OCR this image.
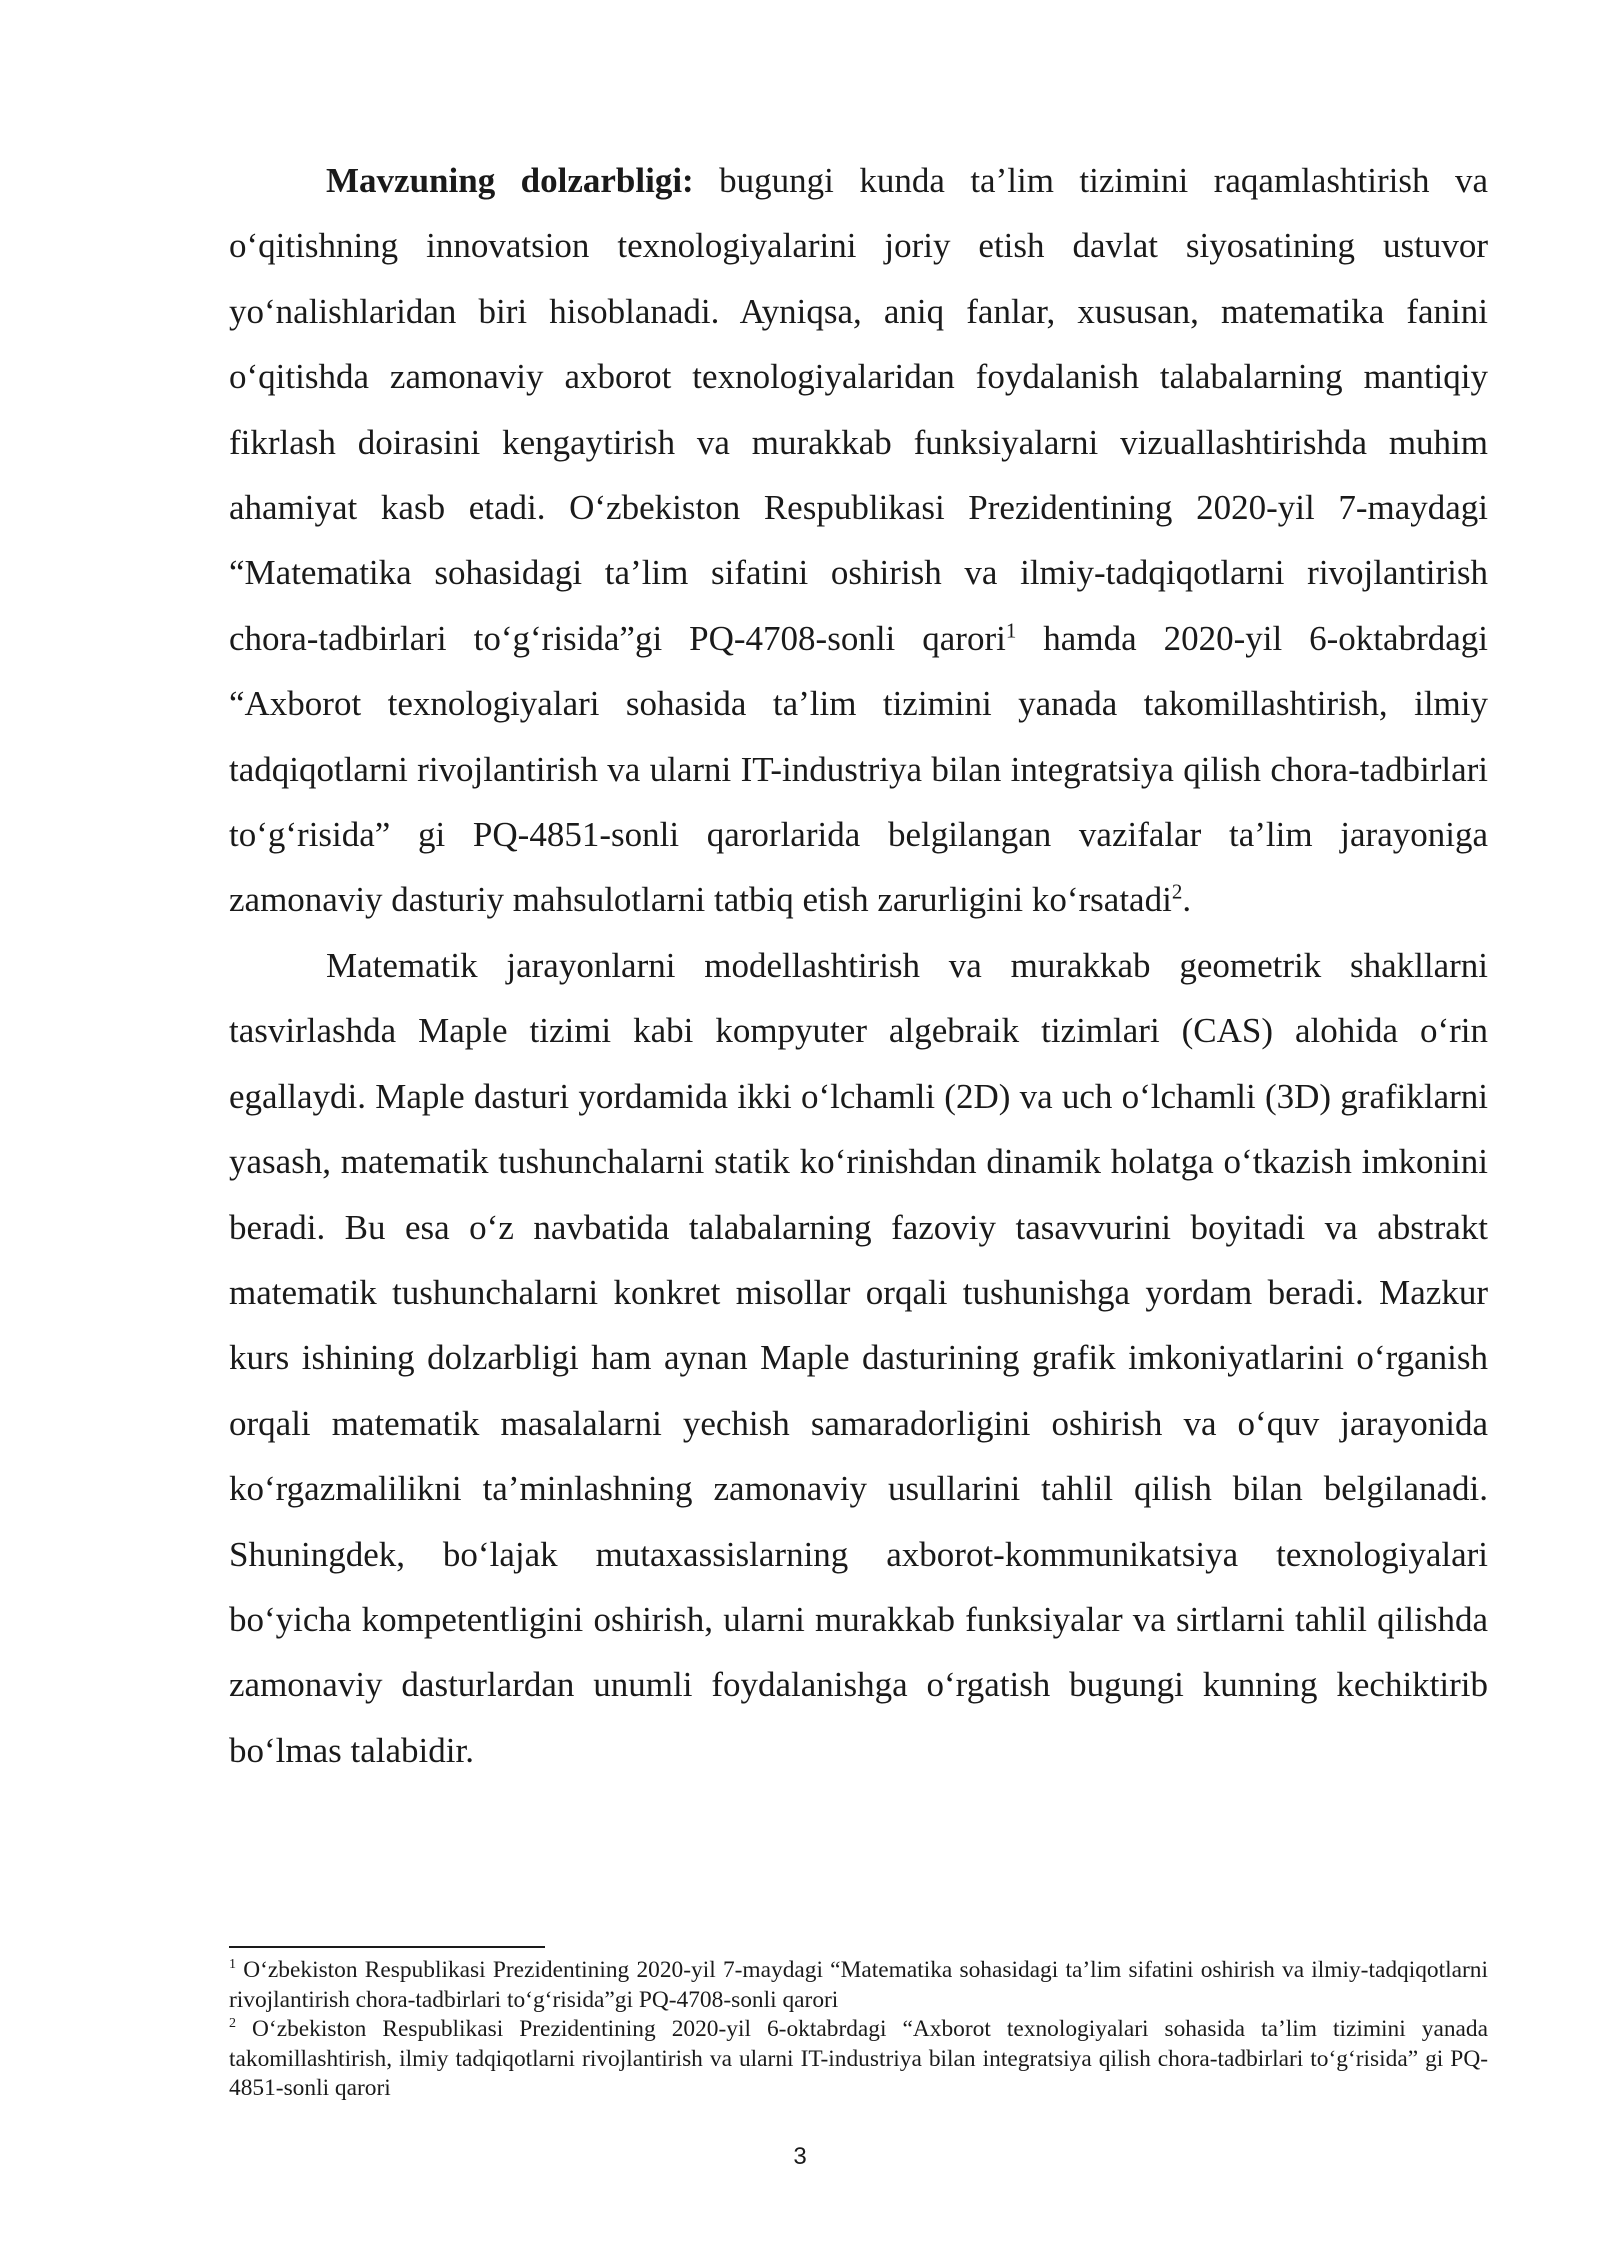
Mavzuning dolzarbligi: bugungi kunda ta’lim tizimini raqamlashtirish va o‘qitishning innovatsion texnologiyalarini joriy etish davlat siyosatining ustuvor yo‘nalishlaridan biri hisoblanadi. Ayniqsa, aniq fanlar, xususan, matematika fanini o‘qitishda zamonaviy axborot texnologiyalaridan foydalanish talabalarning mantiqiy fikrlash doirasini kengaytirish va murakkab funksiyalarni vizuallashtirishda muhim ahamiyat kasb etadi. O‘zbekiston Respublikasi Prezidentining 2020-yil 7-maydagi “Matematika sohasidagi ta’lim sifatini oshirish va ilmiy-tadqiqotlarni rivojlantirish chora-tadbirlari to‘g‘risida”gi PQ-4708-sonli qarori$^1$ hamda 2020-yil 6-oktabrdagi “Axborot texnologiyalari sohasida ta’lim tizimini yanada takomillashtirish, ilmiy tadqiqotlarni rivojlantirish va ularni IT-industriya bilan integratsiya qilish chora-tadbirlari to‘g‘risida” gi PQ-4851-sonli qarorlarida belgilangan vazifalar ta’lim jarayoniga zamonaviy dasturiy mahsulotlarni tatbiq etish zarurligini ko‘rsatadi$^2$.

Matematik jarayonlarni modellashtirish va murakkab geometrik shakllarni tasvirlashda Maple tizimi kabi kompyuter algebraik tizimlari (CAS) alohida o‘rin egallaydi. Maple dasturi yordamida ikki o‘lchamli (2D) va uch o‘lchamli (3D) grafiklarni yasash, matematik tushunchalarni statik ko‘rinishdan dinamik holatga o‘tkazish imkonini beradi. Bu esa o‘z navbatida talabalarning fazoviy tasavvurini boyitadi va abstrakt matematik tushunchalarni konkret misollar orqali tushunishga yordam beradi. Mazkur kurs ishining dolzarbligi ham aynan Maple dasturining grafik imkoniyatlarini o‘rganish orqali matematik masalalarni yechish samaradorligini oshirish va o‘quv jarayonida ko‘rgazmalilikni ta’minlashning zamonaviy usullarini tahlil qilish bilan belgilanadi. Shuningdek, bo‘lajak mutaxassislarning axborot-kommunikatsiya texnologiyalari bo‘yicha kompetentligini oshirish, ularni murakkab funksiyalar va sirtlarni tahlil qilishda zamonaviy dasturlardan unumli foydalanishga o‘rgatish bugungi kunning kechiktirib bo‘lmas talabidir.

$^1$ O‘zbekiston Respublikasi Prezidentining 2020-yil 7-maydagi “Matematika sohasidagi ta’lim sifatini oshirish va ilmiy-tadqiqotlarni rivojlantirish chora-tadbirlari to‘g‘risida”gi PQ-4708-sonli qarori

$^2$ O‘zbekiston Respublikasi Prezidentining 2020-yil 6-oktabrdagi “Axborot texnologiyalari sohasida ta’lim tizimini yanada takomillashtirish, ilmiy tadqiqotlarni rivojlantirish va ularni IT-industriya bilan integratsiya qilish chora-tadbirlari to‘g‘risida” gi PQ-4851-sonli qarori

3
